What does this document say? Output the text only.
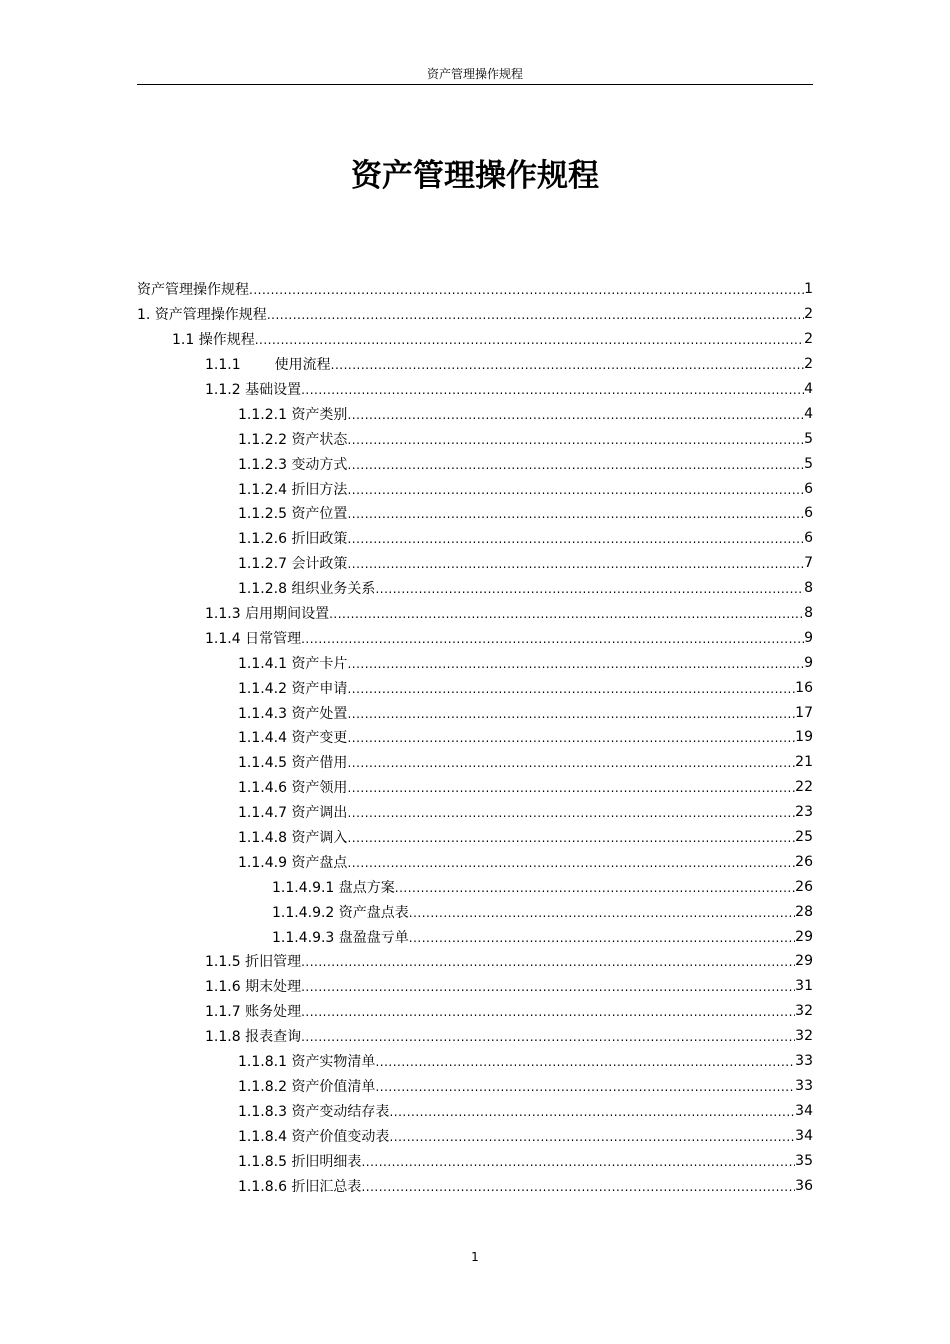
资产管理操作规程
资产管理操作规程
资产管理操作规程 .....	1
1. 资产管理操作规程 .....	2
1.1 操作规程 .....	2
1.1.1 使用流程 .....	2
1.1.2 基础设置 .....	4
1.1.2.1 资产类别 .....	4
1.1.2.2 资产状态 .....	5
1.1.2.3 变动方式 .....	5
1.1.2.4 折旧方法 .....	6
1.1.2.5 资产位置 .....	6
1.1.2.6 折旧政策 .....	6
1.1.2.7 会计政策 .....	7
1.1.2.8 组织业务关系 .....	8
1.1.3 启用期间设置 .....	8
1.1.4 日常管理 .....	9
1.1.4.1 资产卡片 .....	9
1.1.4.2 资产申请 .....	16
1.1.4.3 资产处置 .....	17
1.1.4.4 资产变更 .....	19
1.1.4.5 资产借用 .....	21
1.1.4.6 资产领用 .....	22
1.1.4.7 资产调出 .....	23
1.1.4.8 资产调入 .....	25
1.1.4.9 资产盘点 .....	26
1.1.4.9.1 盘点方案 .....	26
1.1.4.9.2 资产盘点表 .....	28
1.1.4.9.3 盘盈盘亏单 .....	29
1.1.5 折旧管理 .....	29
1.1.6 期末处理 .....	31
1.1.7 账务处理 .....	32
1.1.8 报表查询 .....	32
1.1.8.1 资产实物清单 .....	33
1.1.8.2 资产价值清单 .....	33
1.1.8.3 资产变动结存表 .....	34
1.1.8.4 资产价值变动表 .....	34
1.1.8.5 折旧明细表 .....	35
1.1.8.6 折旧汇总表 .....	36
1
